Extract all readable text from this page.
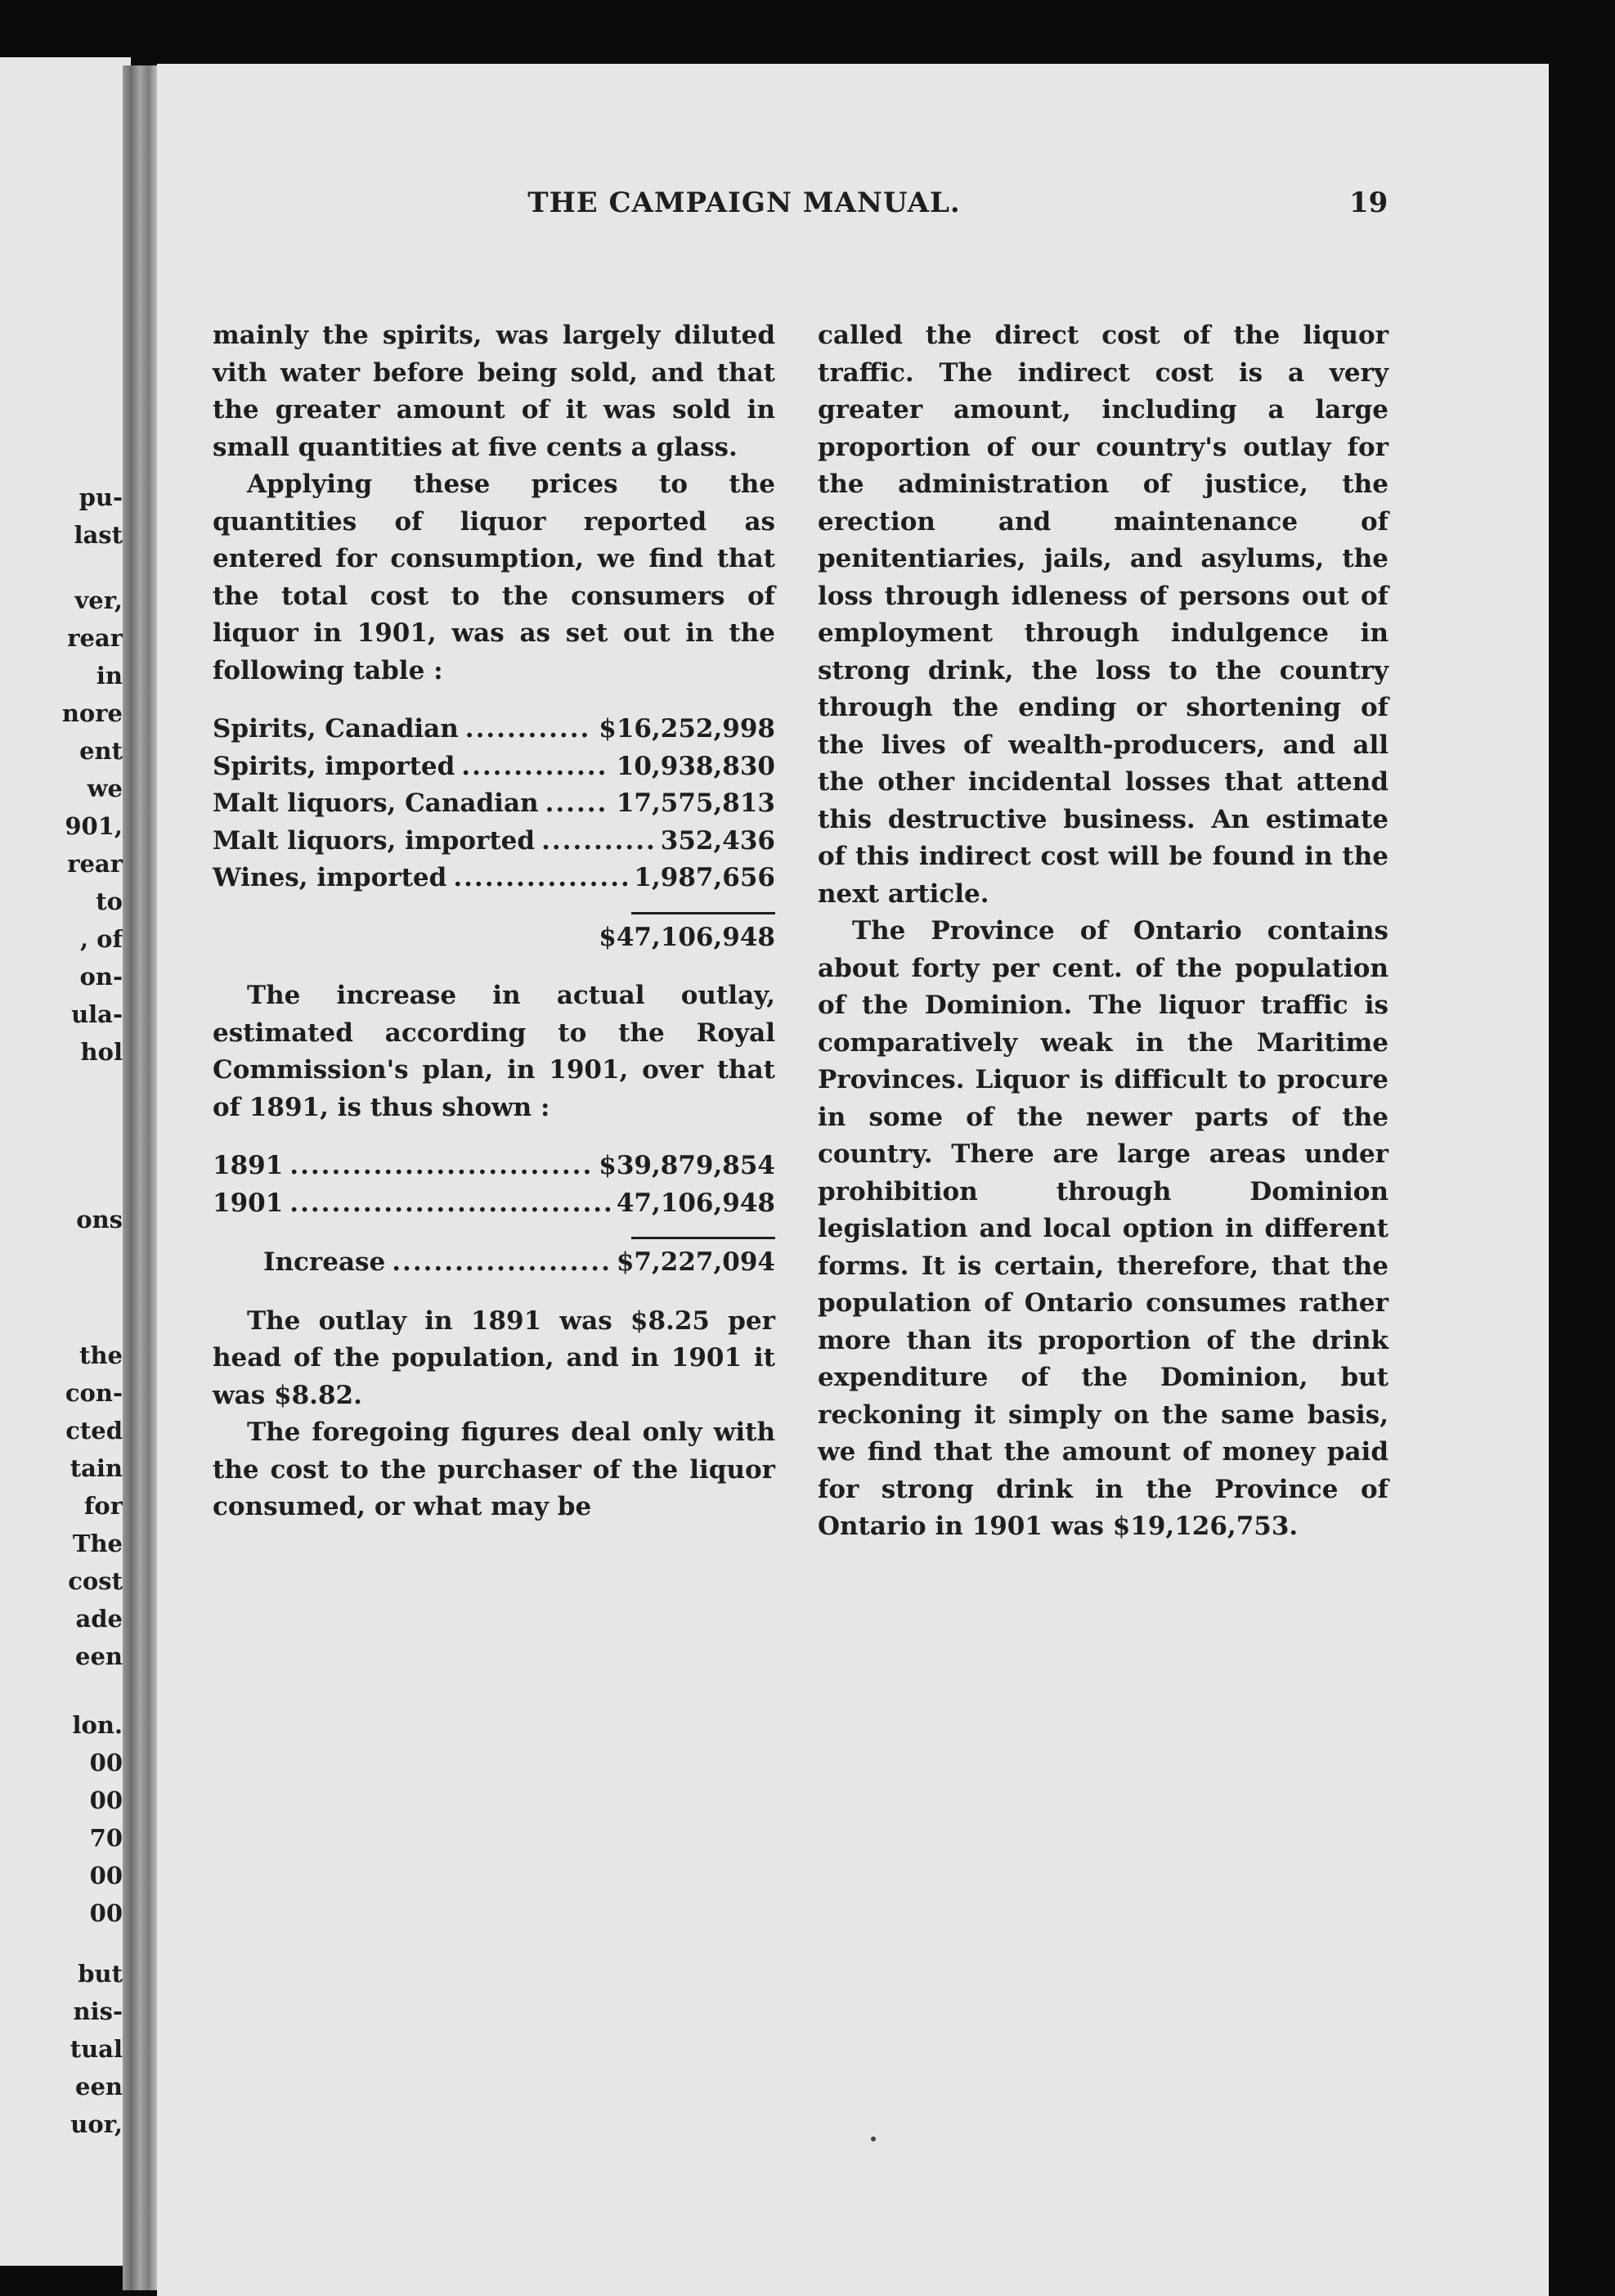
pu-
last
ver,
rear
in
nore
ent
we
901,
rear
to
, of
on-
ula-
hol
ons
the
con-
cted
tain
for
The
cost
ade
een
lon.
00
00
70
00
00
but
nis-
tual
een
uor,
THE CAMPAIGN MANUAL.	19

mainly the spirits, was largely diluted vith water before being sold, and that the greater amount of it was sold in small quantities at five cents a glass.

Applying these prices to the quantities of liquor reported as entered for consumption, we find that the total cost to the consumers of liquor in 1901, was as set out in the following table :

Spirits, Canadian .....	$16,252,998
Spirits, imported .....	10,938,830
Malt liquors, Canadian .....	17,575,813
Malt liquors, imported .....	352,436
Wines, imported .....	1,987,656
$47,106,948

The increase in actual outlay, estimated according to the Royal Commission's plan, in 1901, over that of 1891, is thus shown :

1891 .....	$39,879,854
1901 .....	47,106,948
Increase .....	$7,227,094

The outlay in 1891 was $8.25 per head of the population, and in 1901 it was $8.82.

The foregoing figures deal only with the cost to the purchaser of the liquor consumed, or what may be

called the direct cost of the liquor traffic. The indirect cost is a very greater amount, including a large proportion of our country's outlay for the administration of justice, the erection and maintenance of penitentiaries, jails, and asylums, the loss through idleness of persons out of employment through indulgence in strong drink, the loss to the country through the ending or shortening of the lives of wealth-producers, and all the other incidental losses that attend this destructive business. An estimate of this indirect cost will be found in the next article.

The Province of Ontario contains about forty per cent. of the population of the Dominion. The liquor traffic is comparatively weak in the Maritime Provinces. Liquor is difficult to procure in some of the newer parts of the country. There are large areas under prohibition through Dominion legislation and local option in different forms. It is certain, therefore, that the population of Ontario consumes rather more than its proportion of the drink expenditure of the Dominion, but reckoning it simply on the same basis, we find that the amount of money paid for strong drink in the Province of Ontario in 1901 was $19,126,753.
